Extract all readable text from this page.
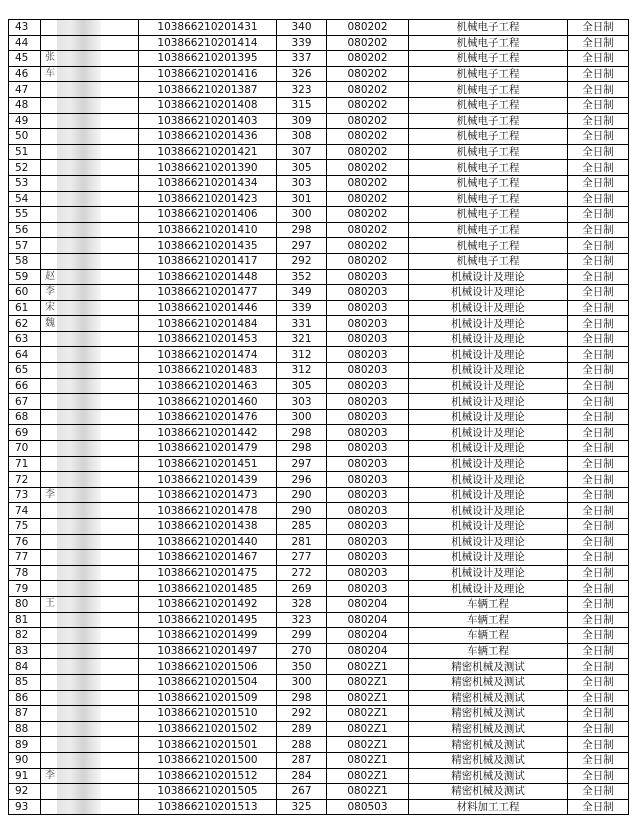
43		103866210201431	340	080202	机械电子工程	全日制
44		103866210201414	339	080202	机械电子工程	全日制
45	张	103866210201395	337	080202	机械电子工程	全日制
46	车	103866210201416	326	080202	机械电子工程	全日制
47		103866210201387	323	080202	机械电子工程	全日制
48		103866210201408	315	080202	机械电子工程	全日制
49		103866210201403	309	080202	机械电子工程	全日制
50		103866210201436	308	080202	机械电子工程	全日制
51		103866210201421	307	080202	机械电子工程	全日制
52		103866210201390	305	080202	机械电子工程	全日制
53		103866210201434	303	080202	机械电子工程	全日制
54		103866210201423	301	080202	机械电子工程	全日制
55		103866210201406	300	080202	机械电子工程	全日制
56		103866210201410	298	080202	机械电子工程	全日制
57		103866210201435	297	080202	机械电子工程	全日制
58		103866210201417	292	080202	机械电子工程	全日制
59	赵	103866210201448	352	080203	机械设计及理论	全日制
60	李	103866210201477	349	080203	机械设计及理论	全日制
61	宋	103866210201446	339	080203	机械设计及理论	全日制
62	魏	103866210201484	331	080203	机械设计及理论	全日制
63		103866210201453	321	080203	机械设计及理论	全日制
64		103866210201474	312	080203	机械设计及理论	全日制
65		103866210201483	312	080203	机械设计及理论	全日制
66		103866210201463	305	080203	机械设计及理论	全日制
67		103866210201460	303	080203	机械设计及理论	全日制
68		103866210201476	300	080203	机械设计及理论	全日制
69		103866210201442	298	080203	机械设计及理论	全日制
70		103866210201479	298	080203	机械设计及理论	全日制
71		103866210201451	297	080203	机械设计及理论	全日制
72		103866210201439	296	080203	机械设计及理论	全日制
73	李	103866210201473	290	080203	机械设计及理论	全日制
74		103866210201478	290	080203	机械设计及理论	全日制
75		103866210201438	285	080203	机械设计及理论	全日制
76		103866210201440	281	080203	机械设计及理论	全日制
77		103866210201467	277	080203	机械设计及理论	全日制
78		103866210201475	272	080203	机械设计及理论	全日制
79		103866210201485	269	080203	机械设计及理论	全日制
80	王	103866210201492	328	080204	车辆工程	全日制
81		103866210201495	323	080204	车辆工程	全日制
82		103866210201499	299	080204	车辆工程	全日制
83		103866210201497	270	080204	车辆工程	全日制
84		103866210201506	350	0802Z1	精密机械及测试	全日制
85		103866210201504	300	0802Z1	精密机械及测试	全日制
86		103866210201509	298	0802Z1	精密机械及测试	全日制
87		103866210201510	292	0802Z1	精密机械及测试	全日制
88		103866210201502	289	0802Z1	精密机械及测试	全日制
89		103866210201501	288	0802Z1	精密机械及测试	全日制
90		103866210201500	287	0802Z1	精密机械及测试	全日制
91	李	103866210201512	284	0802Z1	精密机械及测试	全日制
92		103866210201505	267	0802Z1	精密机械及测试	全日制
93		103866210201513	325	080503	材料加工工程	全日制
